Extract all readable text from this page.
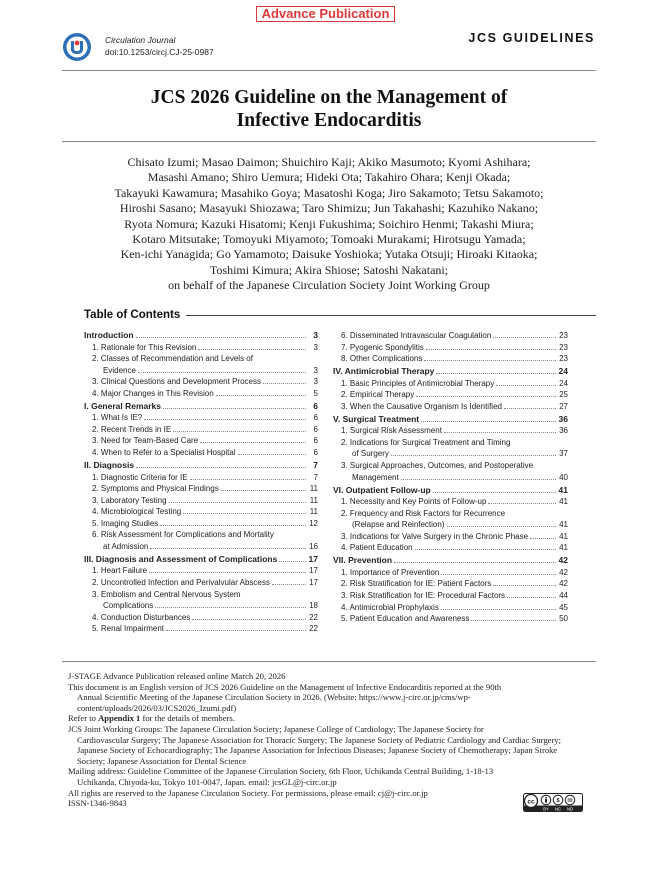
Advance Publication
Circulation Journal
doi:10.1253/circj.CJ-25-0987
JCS GUIDELINES
JCS 2026 Guideline on the Management of
Infective Endocarditis
Chisato Izumi; Masao Daimon; Shuichiro Kaji; Akiko Masumoto; Kyomi Ashihara;
Masashi Amano; Shiro Uemura; Hideki Ota; Takahiro Ohara; Kenji Okada;
Takayuki Kawamura; Masahiko Goya; Masatoshi Koga; Jiro Sakamoto; Tetsu Sakamoto;
Hiroshi Sasano; Masayuki Shiozawa; Taro Shimizu; Jun Takahashi; Kazuhiko Nakano;
Ryota Nomura; Kazuki Hisatomi; Kenji Fukushima; Soichiro Henmi; Takashi Miura;
Kotaro Mitsutake; Tomoyuki Miyamoto; Tomoaki Murakami; Hirotsugu Yamada;
Ken-ichi Yanagida; Go Yamamoto; Daisuke Yoshioka; Yutaka Otsuji; Hiroaki Kitaoka;
Toshimi Kimura; Akira Shiose; Satoshi Nakatani;
on behalf of the Japanese Circulation Society Joint Working Group
Table of Contents
Introduction	3
1. Rationale for This Revision	3
2. Classes of Recommendation and Levels of
Evidence	3
3. Clinical Questions and Development Process	3
4. Major Changes in This Revision	5
I. General Remarks	6
1. What Is IE?	6
2. Recent Trends in IE	6
3. Need for Team-Based Care	6
4. When to Refer to a Specialist Hospital	6
II. Diagnosis	7
1. Diagnostic Criteria for IE	7
2. Symptoms and Physical Findings	11
3. Laboratory Testing	11
4. Microbiological Testing	11
5. Imaging Studies	12
6. Risk Assessment for Complications and Mortality
at Admission	16
III. Diagnosis and Assessment of Complications	17
1. Heart Failure	17
2. Uncontrolled Infection and Perivalvular Abscess	17
3. Embolism and Central Nervous System
Complications	18
4. Conduction Disturbances	22
5. Renal Impairment	22
6. Disseminated Intravascular Coagulation	23
7. Pyogenic Spondylitis	23
8. Other Complications	23
IV. Antimicrobial Therapy	24
1. Basic Principles of Antimicrobial Therapy	24
2. Empirical Therapy	25
3. When the Causative Organism Is Identified	27
V. Surgical Treatment	36
1. Surgical Risk Assessment	36
2. Indications for Surgical Treatment and Timing
of Surgery	37
3. Surgical Approaches, Outcomes, and Postoperative
Management	40
VI. Outpatient Follow-up	41
1. Necessity and Key Points of Follow-up	41
2. Frequency and Risk Factors for Recurrence
(Relapse and Reinfection)	41
3. Indications for Valve Surgery in the Chronic Phase	41
4. Patient Education	41
VII. Prevention	42
1. Importance of Prevention	42
2. Risk Stratification for IE: Patient Factors	42
3. Risk Stratification for IE: Procedural Factors	44
4. Antimicrobial Prophylaxis	45
5. Patient Education and Awareness	50

J-STAGE Advance Publication released online March 20, 2026

This document is an English version of JCS 2026 Guideline on the Management of Infective Endocarditis reported at the 90th

Annual Scientific Meeting of the Japanese Circulation Society in 2026. (Website: https://www.j-circ.or.jp/cms/wp-content/uploads/2026/03/JCS2026_Izumi.pdf)

Refer to Appendix 1 for the details of members.

JCS Joint Working Groups: The Japanese Circulation Society; Japanese College of Cardiology; The Japanese Society for
Cardiovascular Surgery; The Japanese Association for Thoracic Surgery; The Japanese Society of Pediatric Cardiology and Cardiac Surgery; Japanese Society of Echocardiography; The Japanese Association for Infectious Diseases; Japanese Society of Chemotherapy; Japan Stroke Society; Japanese Association for Dental Science

Mailing address: Guideline Committee of the Japanese Circulation Society, 6th Floor, Uchikanda Central Building, 1-18-13
Uchikanda, Chiyoda-ku, Tokyo 101-0047, Japan. email: jcsGL@j-circ.or.jp

All rights are reserved to the Japanese Circulation Society. For permissions, please email: cj@j-circ.or.jp

ISSN-1346-9843	cc	$
BY NC ND
